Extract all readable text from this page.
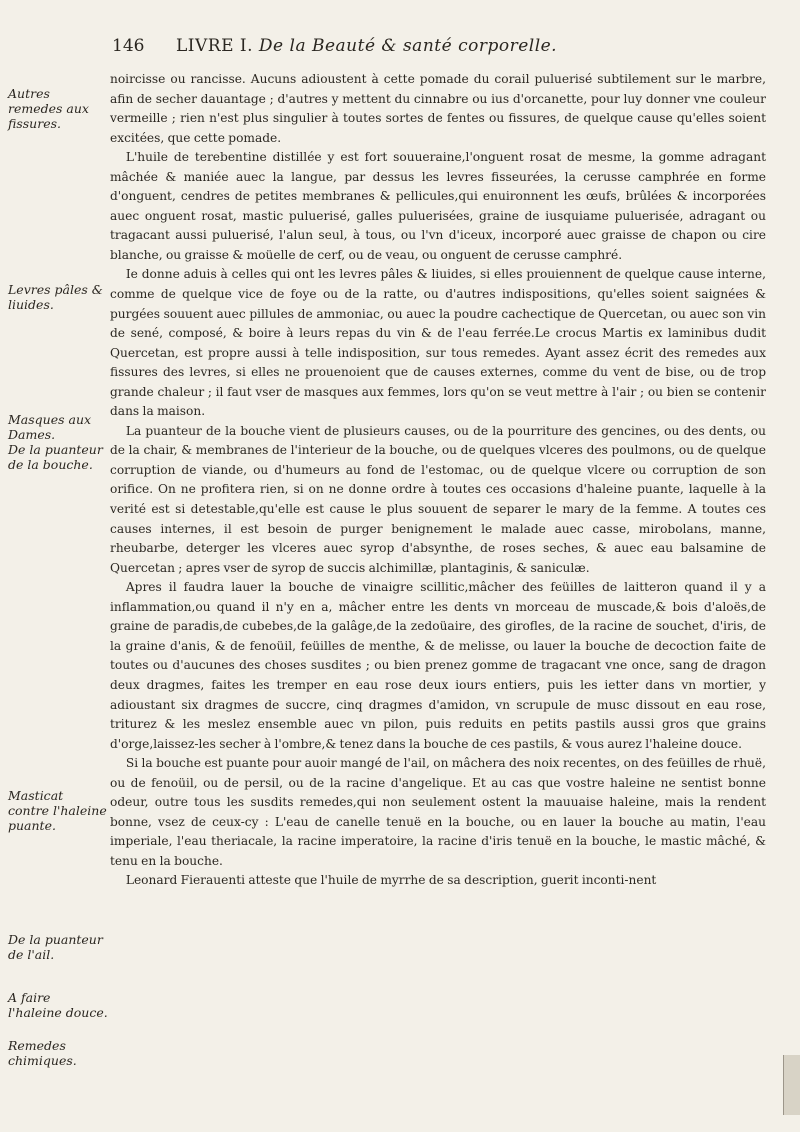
146 LIVRE I. De la Beauté & santé corporelle.
Autres remedes aux fissures.
Levres pâles & liuides.
Masques aux Dames.
De la puanteur de la bouche.
Masticat contre l'haleine puante.
De la puanteur de l'ail.
A faire l'haleine douce.
Remedes chimiques.

noircisse ou rancisse. Aucuns adioustent à cette pomade du corail puluerisé subtilement sur le marbre, afin de secher dauantage ; d'autres y mettent du cinnabre ou ius d'orcanette, pour luy donner vne couleur vermeille ; rien n'est plus singulier à toutes sortes de fentes ou fissures, de quelque cause qu'elles soient excitées, que cette pomade.

L'huile de terebentine distillée y est fort souueraine,l'onguent rosat de mesme, la gomme adragant mâchée & maniée auec la langue, par dessus les levres fisseurées, la cerusse camphrée en forme d'onguent, cendres de petites membranes & pellicules,qui enuironnent les œufs, brûlées & incorporées auec onguent rosat, mastic puluerisé, galles puluerisées, graine de iusquiame puluerisée, adragant ou tragacant aussi puluerisé, l'alun seul, à tous, ou l'vn d'iceux, incorporé auec graisse de chapon ou cire blanche, ou graisse & moüelle de cerf, ou de veau, ou onguent de cerusse camphré.

Ie donne aduis à celles qui ont les levres pâles & liuides, si elles prouiennent de quelque cause interne, comme de quelque vice de foye ou de la ratte, ou d'autres indispositions, qu'elles soient saignées & purgées souuent auec pillules de ammoniac, ou auec la poudre cachectique de Quercetan, ou auec son vin de sené, composé, & boire à leurs repas du vin & de l'eau ferrée.Le crocus Martis ex laminibus dudit Quercetan, est propre aussi à telle indisposition, sur tous remedes. Ayant assez écrit des remedes aux fissures des levres, si elles ne prouenoient que de causes externes, comme du vent de bise, ou de trop grande chaleur ; il faut vser de masques aux femmes, lors qu'on se veut mettre à l'air ; ou bien se contenir dans la maison.

La puanteur de la bouche vient de plusieurs causes, ou de la pourriture des gencines, ou des dents, ou de la chair, & membranes de l'interieur de la bouche, ou de quelques vlceres des poulmons, ou de quelque corruption de viande, ou d'humeurs au fond de l'estomac, ou de quelque vlcere ou corruption de son orifice. On ne profitera rien, si on ne donne ordre à toutes ces occasions d'haleine puante, laquelle à la verité est si detestable,qu'elle est cause le plus souuent de separer le mary de la femme. A toutes ces causes internes, il est besoin de purger benignement le malade auec casse, mirobolans, manne, rheubarbe, deterger les vlceres auec syrop d'absynthe, de roses seches, & auec eau balsamine de Quercetan ; apres vser de syrop de succis alchimillæ, plantaginis, & saniculæ.

Apres il faudra lauer la bouche de vinaigre scillitic,mâcher des feüilles de laitteron quand il y a inflammation,ou quand il n'y en a, mâcher entre les dents vn morceau de muscade,& bois d'aloës,de graine de paradis,de cubebes,de la galâge,de la zedoüaire, des girofles, de la racine de souchet, d'iris, de la graine d'anis, & de fenoüil, feüilles de menthe, & de melisse, ou lauer la bouche de decoction faite de toutes ou d'aucunes des choses susdites ; ou bien prenez gomme de tragacant vne once, sang de dragon deux dragmes, faites les tremper en eau rose deux iours entiers, puis les ietter dans vn mortier, y adioustant six dragmes de succre, cinq dragmes d'amidon, vn scrupule de musc dissout en eau rose, triturez & les meslez ensemble auec vn pilon, puis reduits en petits pastils aussi gros que grains d'orge,laissez-les secher à l'ombre,& tenez dans la bouche de ces pastils, & vous aurez l'haleine douce.

Si la bouche est puante pour auoir mangé de l'ail, on mâchera des noix recentes, on des feüilles de rhuë, ou de fenoüil, ou de persil, ou de la racine d'angelique. Et au cas que vostre haleine ne sentist bonne odeur, outre tous les susdits remedes,qui non seulement ostent la mauuaise haleine, mais la rendent bonne, vsez de ceux-cy : L'eau de canelle tenuë en la bouche, ou en lauer la bouche au matin, l'eau imperiale, l'eau theriacale, la racine imperatoire, la racine d'iris tenuë en la bouche, le mastic mâché, & tenu en la bouche.

Leonard Fierauenti atteste que l'huile de myrrhe de sa description, guerit inconti-nent
